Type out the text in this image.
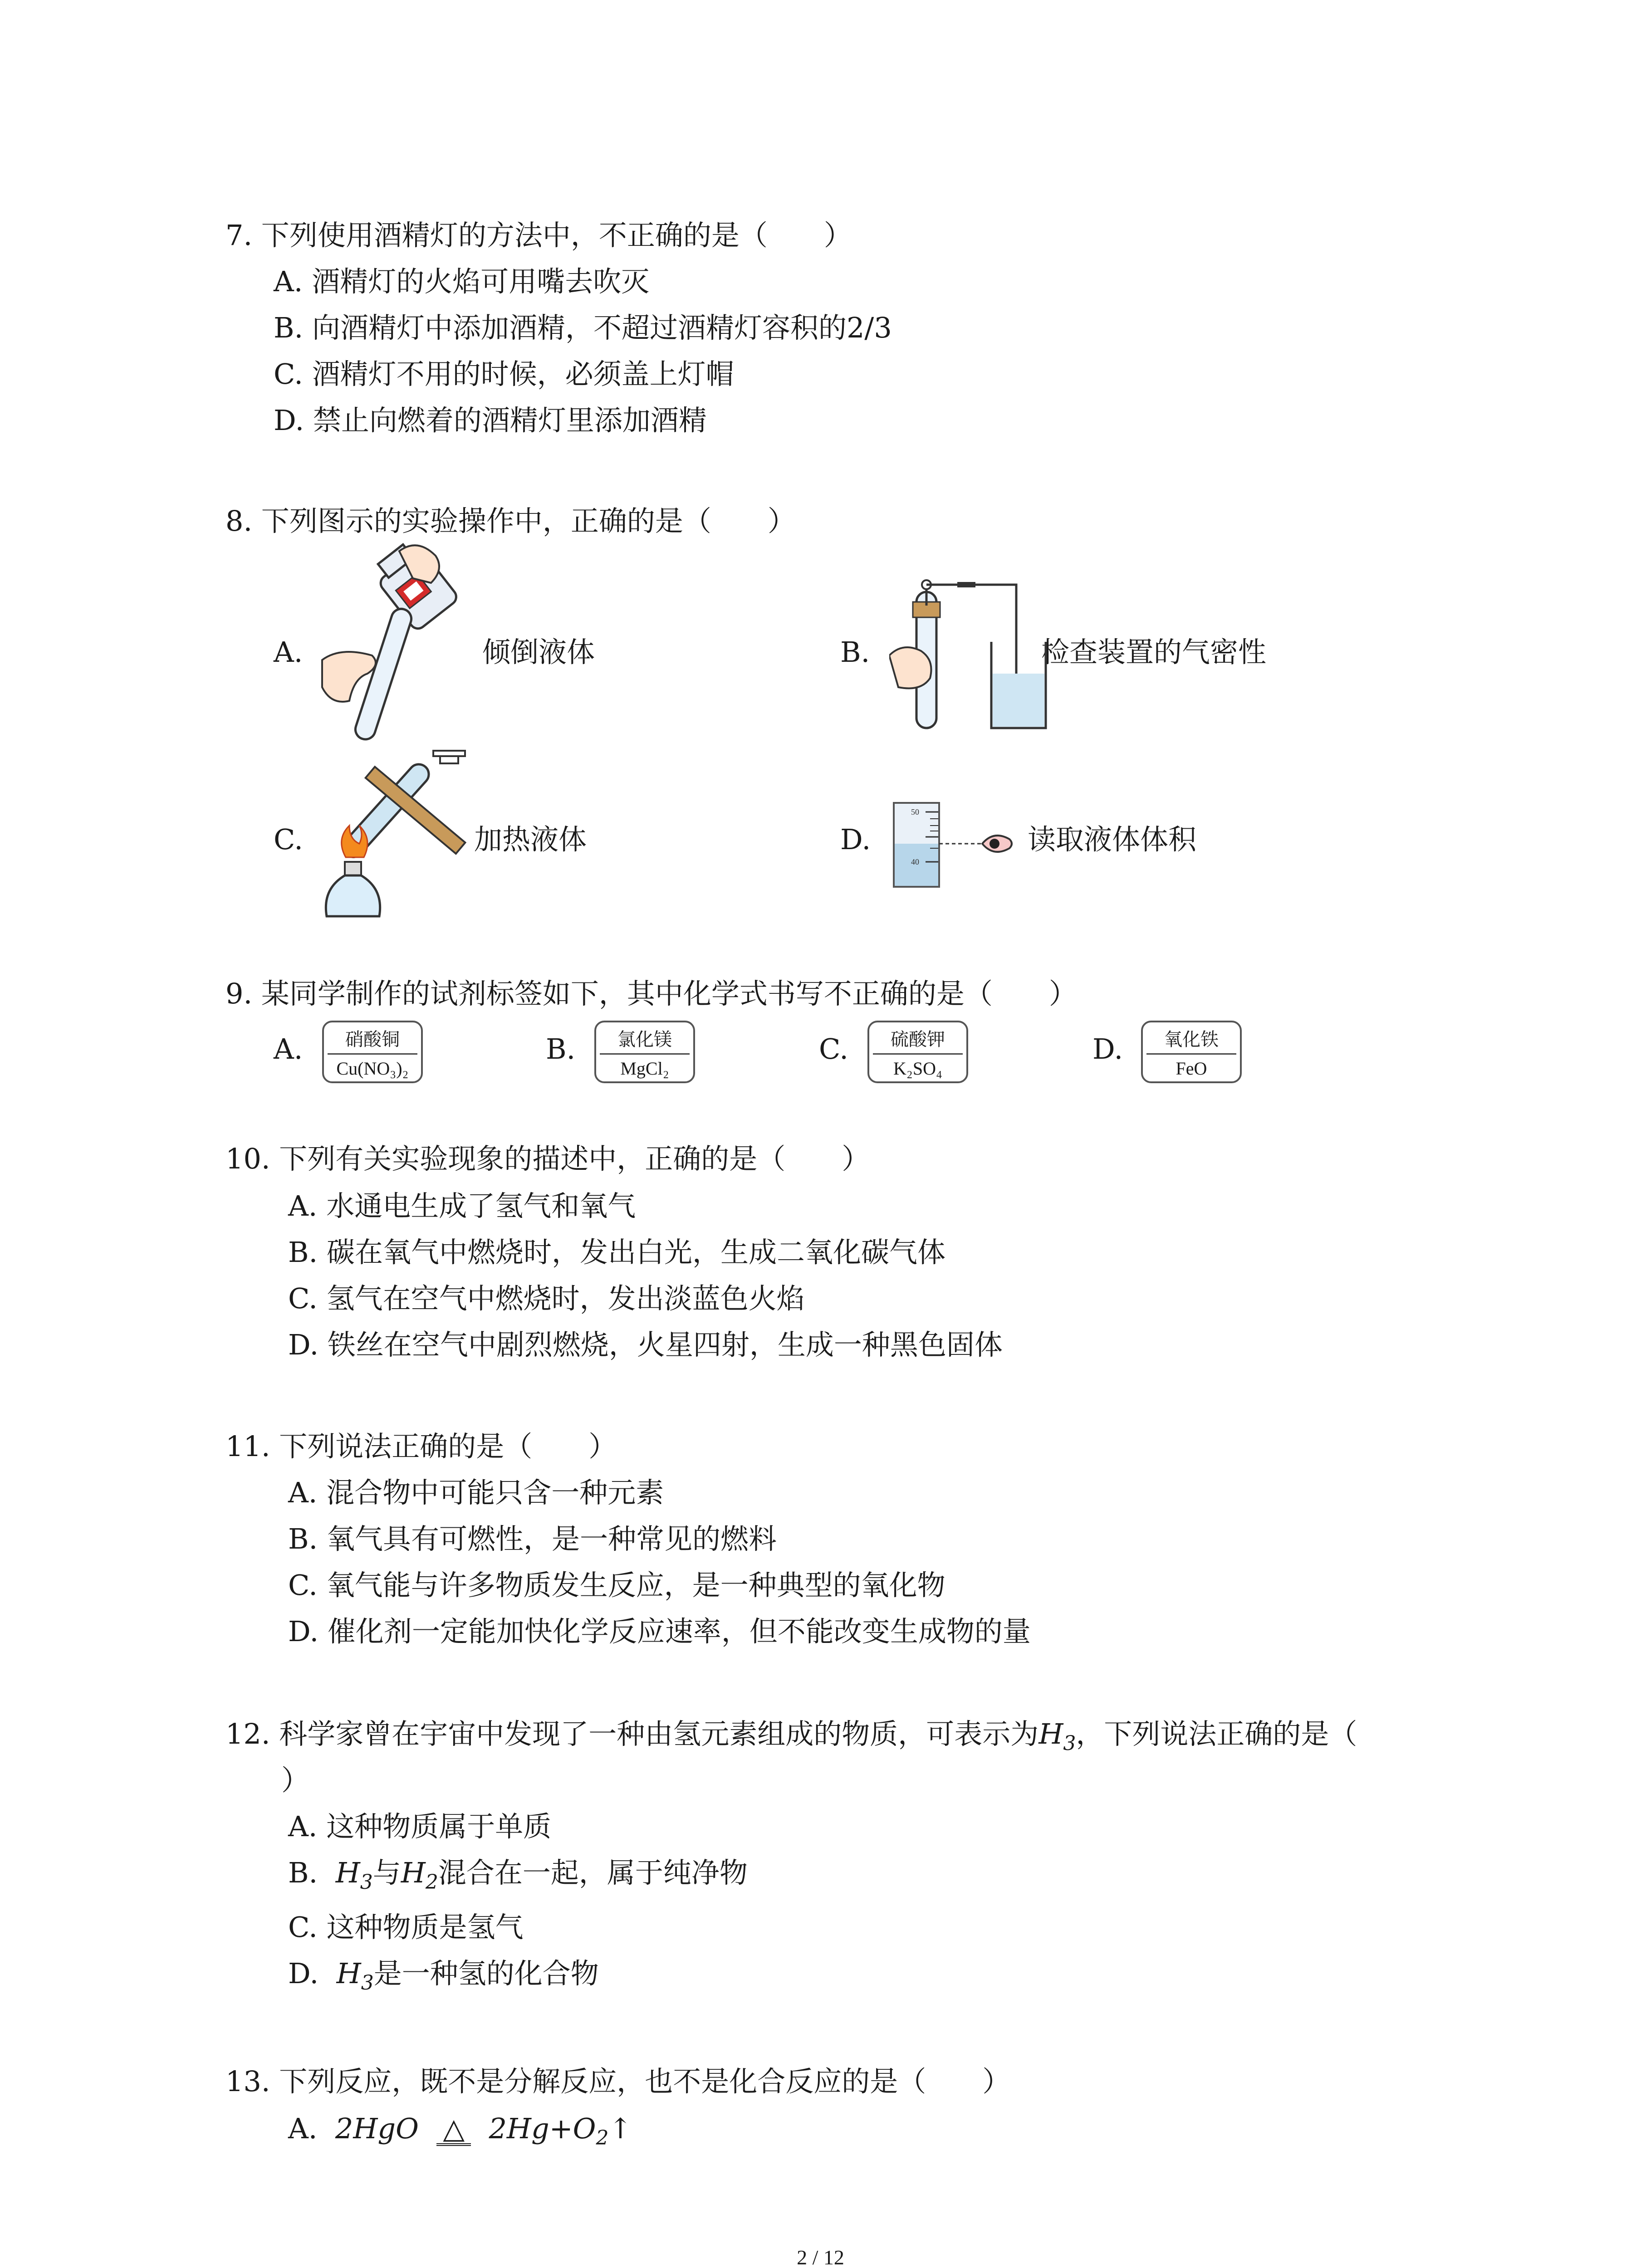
7. 下列使用酒精灯的方法中，不正确的是（　　）
A. 酒精灯的火焰可用嘴去吹灭
B. 向酒精灯中添加酒精，不超过酒精灯容积的2/3
C. 酒精灯不用的时候，必须盖上灯帽
D. 禁止向燃着的酒精灯里添加酒精
8. 下列图示的实验操作中，正确的是（　　）
A.	倾倒液体	B.	检查装置的气密性
C.	加热液体	D.	读取液体体积
50
40
9. 某同学制作的试剂标签如下，其中化学式书写不正确的是（　　）
A.	硝酸铜
Cu(NO₃)₂
B.	氯化镁
MgCl₂
C.	硫酸钾
K₂SO₄
D.	氧化铁
FeO
10. 下列有关实验现象的描述中，正确的是（　　）
A. 水通电生成了氢气和氧气
B. 碳在氧气中燃烧时，发出白光，生成二氧化碳气体
C. 氢气在空气中燃烧时，发出淡蓝色火焰
D. 铁丝在空气中剧烈燃烧，火星四射，生成一种黑色固体
11. 下列说法正确的是（　　）
A. 混合物中可能只含一种元素
B. 氧气具有可燃性，是一种常见的燃料
C. 氧气能与许多物质发生反应，是一种典型的氧化物
D. 催化剂一定能加快化学反应速率，但不能改变生成物的量
12. 科学家曾在宇宙中发现了一种由氢元素组成的物质，可表示为$H_3$，下列说法正确的是（
）
A. 这种物质属于单质
B. $H_3$与$H_2$混合在一起，属于纯净物
C. 这种物质是氢气
D. $H_3$是一种氢的化合物
13. 下列反应，既不是分解反应，也不是化合反应的是（　　）
A. 2HgO △ $2Hg+O_2↑$
2 / 12
